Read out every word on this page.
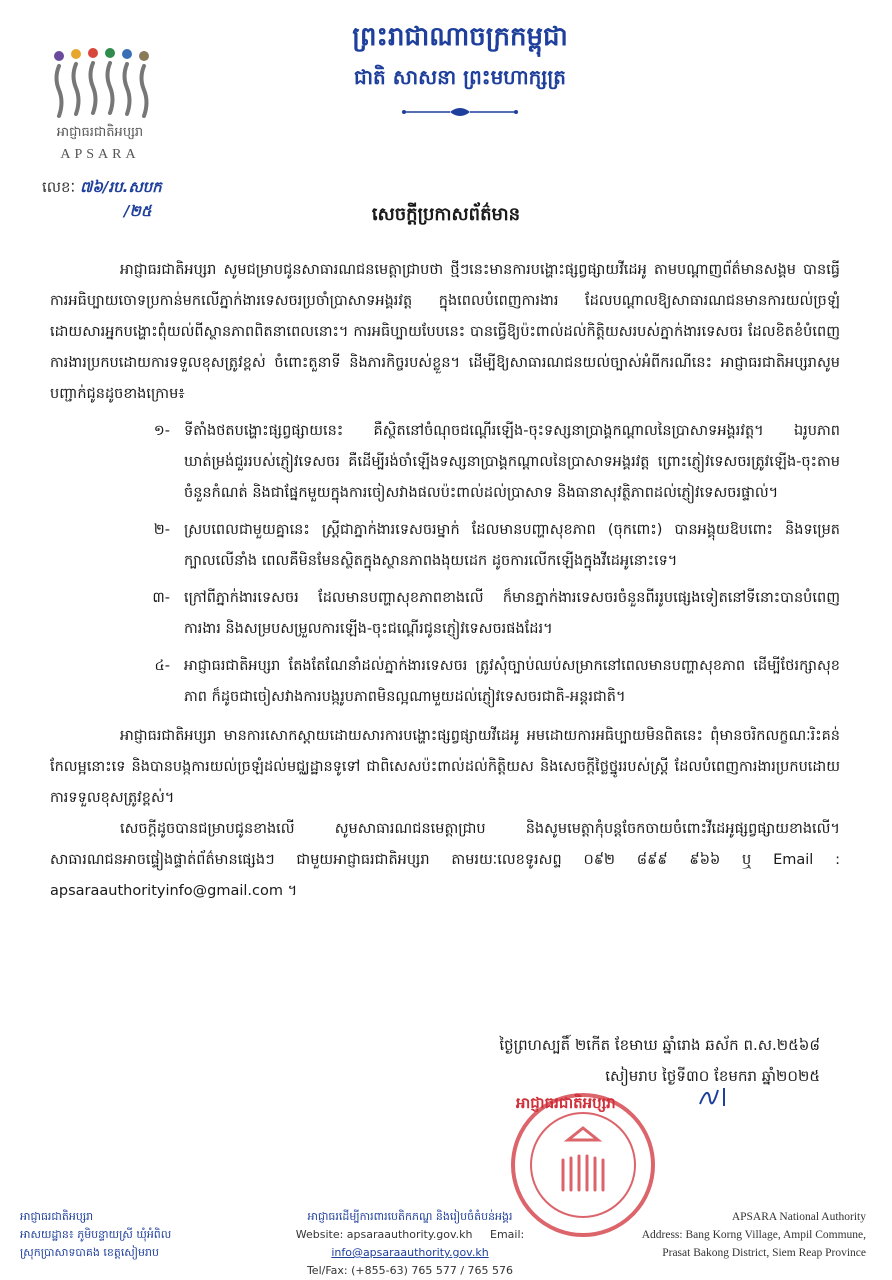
អាជ្ញាធរជាតិអប្សរា
APSARA
ព្រះរាជាណាចក្រកម្ពុជា
ជាតិ សាសនា ព្រះមហាក្សត្រ
លេខៈ ៧៦/រប.សបក
/២៥	សេចក្តីប្រកាសព័ត៌មាន

អាជ្ញាធរជាតិអប្សរា សូមជម្រាបជូនសាធារណជនមេត្តាជ្រាបថា ថ្មីៗនេះមានការបង្ហោះផ្សព្វផ្សាយវីដេអូ តាមបណ្តាញព័ត៌មានសង្គម បានធ្វើការអធិប្បាយចោទប្រកាន់មកលើភ្នាក់ងារទេសចរប្រចាំប្រាសាទអង្គរវត្ត ក្នុងពេលបំពេញការងារ ដែលបណ្តាលឱ្យសាធារណជនមានការយល់ច្រឡំដោយសារអ្នកបង្ហោះពុំយល់ពីស្ថានភាពពិតនាពេលនោះ។ ការអធិប្បាយបែបនេះ បានធ្វើឱ្យប៉ះពាល់ដល់កិត្តិយសរបស់ភ្នាក់ងារទេសចរ ដែលខិតខំបំពេញការងារប្រកបដោយការទទួលខុសត្រូវខ្ពស់ ចំពោះតួនាទី និងភារកិច្ចរបស់ខ្លួន។ ដើម្បីឱ្យសាធារណជនយល់ច្បាស់អំពីករណីនេះ អាជ្ញាធរជាតិអប្សរាសូមបញ្ជាក់ជូនដូចខាងក្រោម៖

១- ទីតាំងថតបង្ហោះផ្សព្វផ្សាយនេះ គឺស្ថិតនៅចំណុចជណ្តើរឡើង-ចុះទស្សនាប្រាង្គកណ្តាលនៃប្រាសាទអង្គរវត្ត។ ឯរូបភាពឃាត់ម្រង់ជួររបស់ភ្ញៀវទេសចរ គឺដើម្បីរង់ចាំឡើងទស្សនាប្រាង្គកណ្តាលនៃប្រាសាទអង្គរវត្ត ព្រោះភ្ញៀវទេសចរត្រូវឡើង-ចុះតាមចំនួនកំណត់ និងជាផ្នែកមួយក្នុងការចៀសវាងផលប៉ះពាល់ដល់ប្រាសាទ និងធានាសុវត្ថិភាពដល់ភ្ញៀវទេសចរផ្ទាល់។
២- ស្របពេលជាមួយគ្នានេះ ស្ត្រីជាភ្នាក់ងារទេសចរម្នាក់ ដែលមានបញ្ហាសុខភាព (ចុកពោះ) បានអង្គុយឱបពោះ និងទម្រេតក្បាលលើនាំង ពេលគឺមិនមែនស្ថិតក្នុងស្ថានភាពងងុយដេក ដូចការលើកឡើងក្នុងវីដេអូនោះទេ។
៣- ក្រៅពីភ្នាក់ងារទេសចរ ដែលមានបញ្ហាសុខភាពខាងលើ ក៏មានភ្នាក់ងារទេសចរចំនួនពីររូបផ្សេងទៀតនៅទីនោះបានបំពេញការងារ និងសម្របសម្រួលការឡើង-ចុះជណ្តើរជូនភ្ញៀវទេសចរផងដែរ។
៤- អាជ្ញាធរជាតិអប្សរា តែងតែណែនាំដល់ភ្នាក់ងារទេសចរ ត្រូវសុំច្បាប់ឈប់សម្រាកនៅពេលមានបញ្ហាសុខភាព ដើម្បីថែរក្សាសុខភាព ក៏ដូចជាចៀសវាងការបង្ករូបភាពមិនល្អណាមួយដល់ភ្ញៀវទេសចរជាតិ-អន្តរជាតិ។

អាជ្ញាធរជាតិអប្សរា មានការសោកស្តាយដោយសារការបង្ហោះផ្សព្វផ្សាយវីដេអូ អមដោយការអធិប្បាយមិនពិតនេះ ពុំមានចរិកលក្ខណៈរិះគន់កែលម្អនោះទេ និងបានបង្កការយល់ច្រឡំដល់មជ្ឈដ្ឋានទូទៅ ជាពិសេសប៉ះពាល់ដល់កិត្តិយស និងសេចក្តីថ្លៃថ្នូររបស់ស្ត្រី ដែលបំពេញការងារប្រកបដោយការទទួលខុសត្រូវខ្ពស់។

សេចក្តីដូចបានជម្រាបជូនខាងលើ សូមសាធារណជនមេត្តាជ្រាប និងសូមមេត្តាកុំបន្តចែកចាយចំពោះវីដេអូផ្សព្វផ្សាយខាងលើ។ សាធារណជនអាចផ្ទៀងផ្ទាត់ព័ត៌មានផ្សេងៗ ជាមួយអាជ្ញាធរជាតិអប្សរា តាមរយៈលេខទូរសព្ទ ០៩២ ៨៩៩ ៩៦៦ ឬ Email : apsaraauthorityinfo@gmail.com ។

ថ្ងៃព្រហស្បតិ៍ ២កើត ខែមាឃ ឆ្នាំរោង ឆស័ក ព.ស.២៥៦៨
សៀមរាប ថ្ងៃទី៣០ ខែមករា ឆ្នាំ២០២៥
អាជ្ញាធរជាតិអប្សរា
អាជ្ញាធរជាតិអប្សរា
អាសយដ្ឋាន៖ ភូមិបន្ទាយស្រី ឃុំអំពិល
ស្រុកប្រាសាទបាគង ខេត្តសៀមរាប
អាជ្ញាធរដើម្បីការពារបេតិកភណ្ឌ និងរៀបចំតំបន់អង្គរ
Website: apsaraauthority.gov.kh Email: info@apsaraauthority.gov.kh
Tel/Fax: (+855-63) 765 577 / 765 576
APSARA National Authority
Address: Bang Korng Village, Ampil Commune,
Prasat Bakong District, Siem Reap Province
